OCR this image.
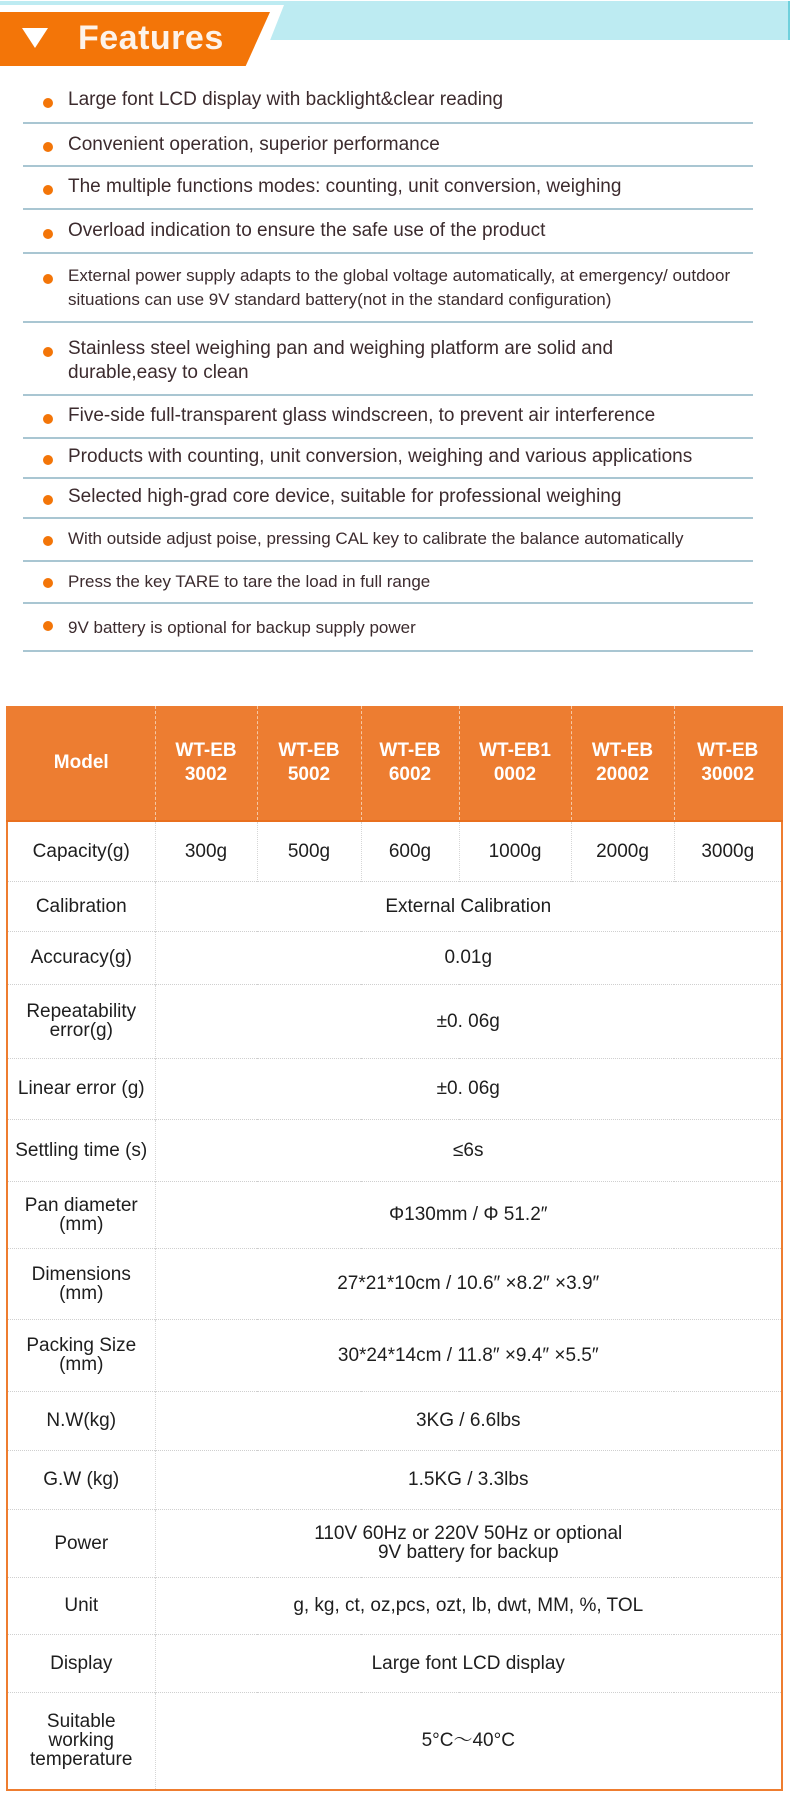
Features
Large font LCD display with backlight&clear reading
Convenient operation, superior performance
The multiple functions modes: counting, unit conversion, weighing
Overload indication to ensure the safe use of the product
External power supply adapts to the global voltage automatically, at emergency/ outdoor situations can use 9V standard battery(not in the standard configuration)
Stainless steel weighing pan and weighing platform are solid and durable,easy to clean
Five-side full-transparent glass windscreen, to prevent air interference
Products with counting, unit conversion, weighing and various applications
Selected high-grad core device, suitable for professional weighing
With outside adjust poise, pressing CAL key to calibrate the balance automatically
Press the key TARE to tare the load in full range
9V battery is optional for backup supply power
Model	WT-EB 3002	WT-EB 5002	WT-EB 6002	WT-EB1 0002	WT-EB 20002	WT-EB 30002
Capacity(g)	300g	500g	600g	1000g	2000g	3000g
Calibration	External Calibration					
Accuracy(g)	0.01g					
Repeatability error(g)	±0. 06g					
Linear error (g)	±0. 06g					
Settling time (s)	≤6s					
Pan diameter (mm)	Φ130mm / Φ 51.2″					
Dimensions (mm)	27*21*10cm / 10.6″ ×8.2″ ×3.9″					
Packing Size (mm)	30*24*14cm / 11.8″ ×9.4″ ×5.5″					
N.W(kg)	3KG / 6.6lbs					
G.W (kg)	1.5KG / 3.3lbs					
Power	110V 60Hz or 220V 50Hz or optional 9V battery for backup					
Unit	g, kg, ct, oz,pcs, ozt, lb, dwt, MM, %, TOL					
Display	Large font LCD display					
Suitable working temperature	5°C～40°C					
